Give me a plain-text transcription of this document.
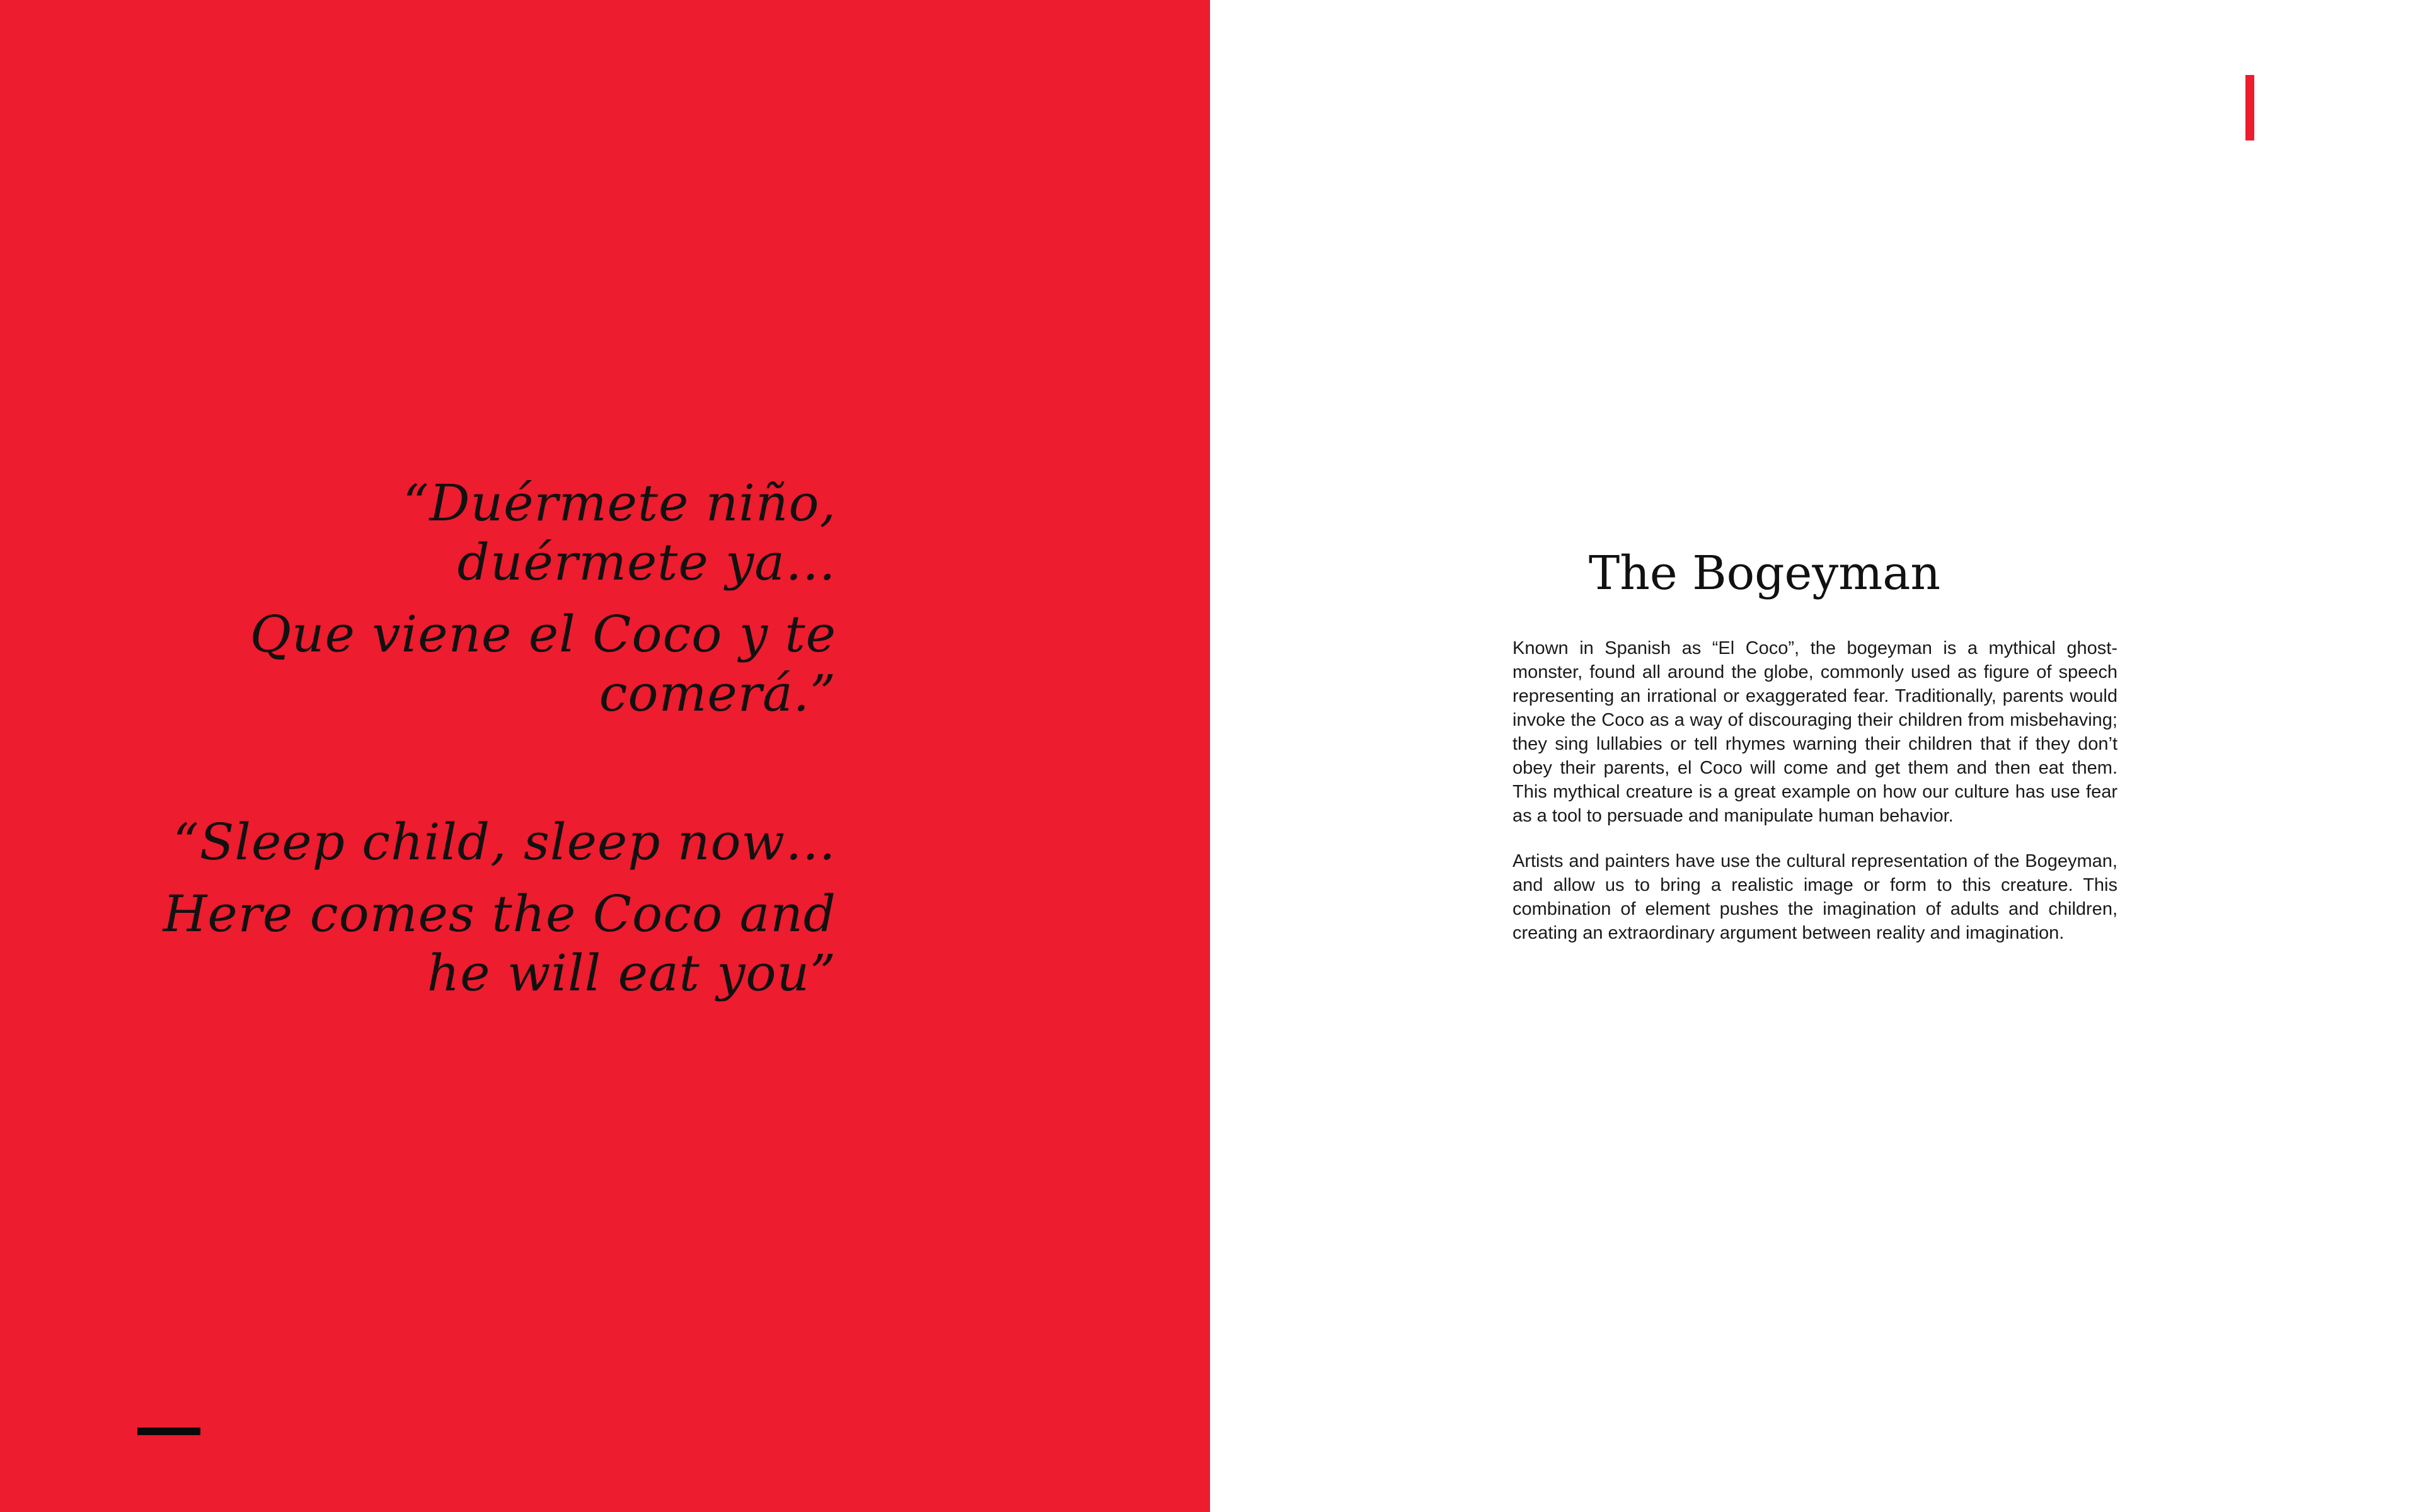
“Duérmete niño,

duérmete ya…

Que viene el Coco y te

comerá.”

“Sleep child, sleep now…

Here comes the Coco and

he will eat you”

The Bogeyman

Known in Spanish as “El Coco”, the bogeyman is a mythical ghost-monster, found all around the globe, commonly used as figure of speech representing an irrational or exaggerated fear. Traditionally, parents would invoke the Coco as a way of discouraging their children from misbehaving; they sing lullabies or tell rhymes warning their children that if they don’t obey their parents, el Coco will come and get them and then eat them. This mythical creature is a great example on how our culture has use fear as a tool to persuade and manipulate human behavior.

Artists and painters have use the cultural representation of the Bogeyman, and allow us to bring a realistic image or form to this creature. This combination of element pushes the imagination of adults and children, creating an extraordinary argument between reality and imagination.
